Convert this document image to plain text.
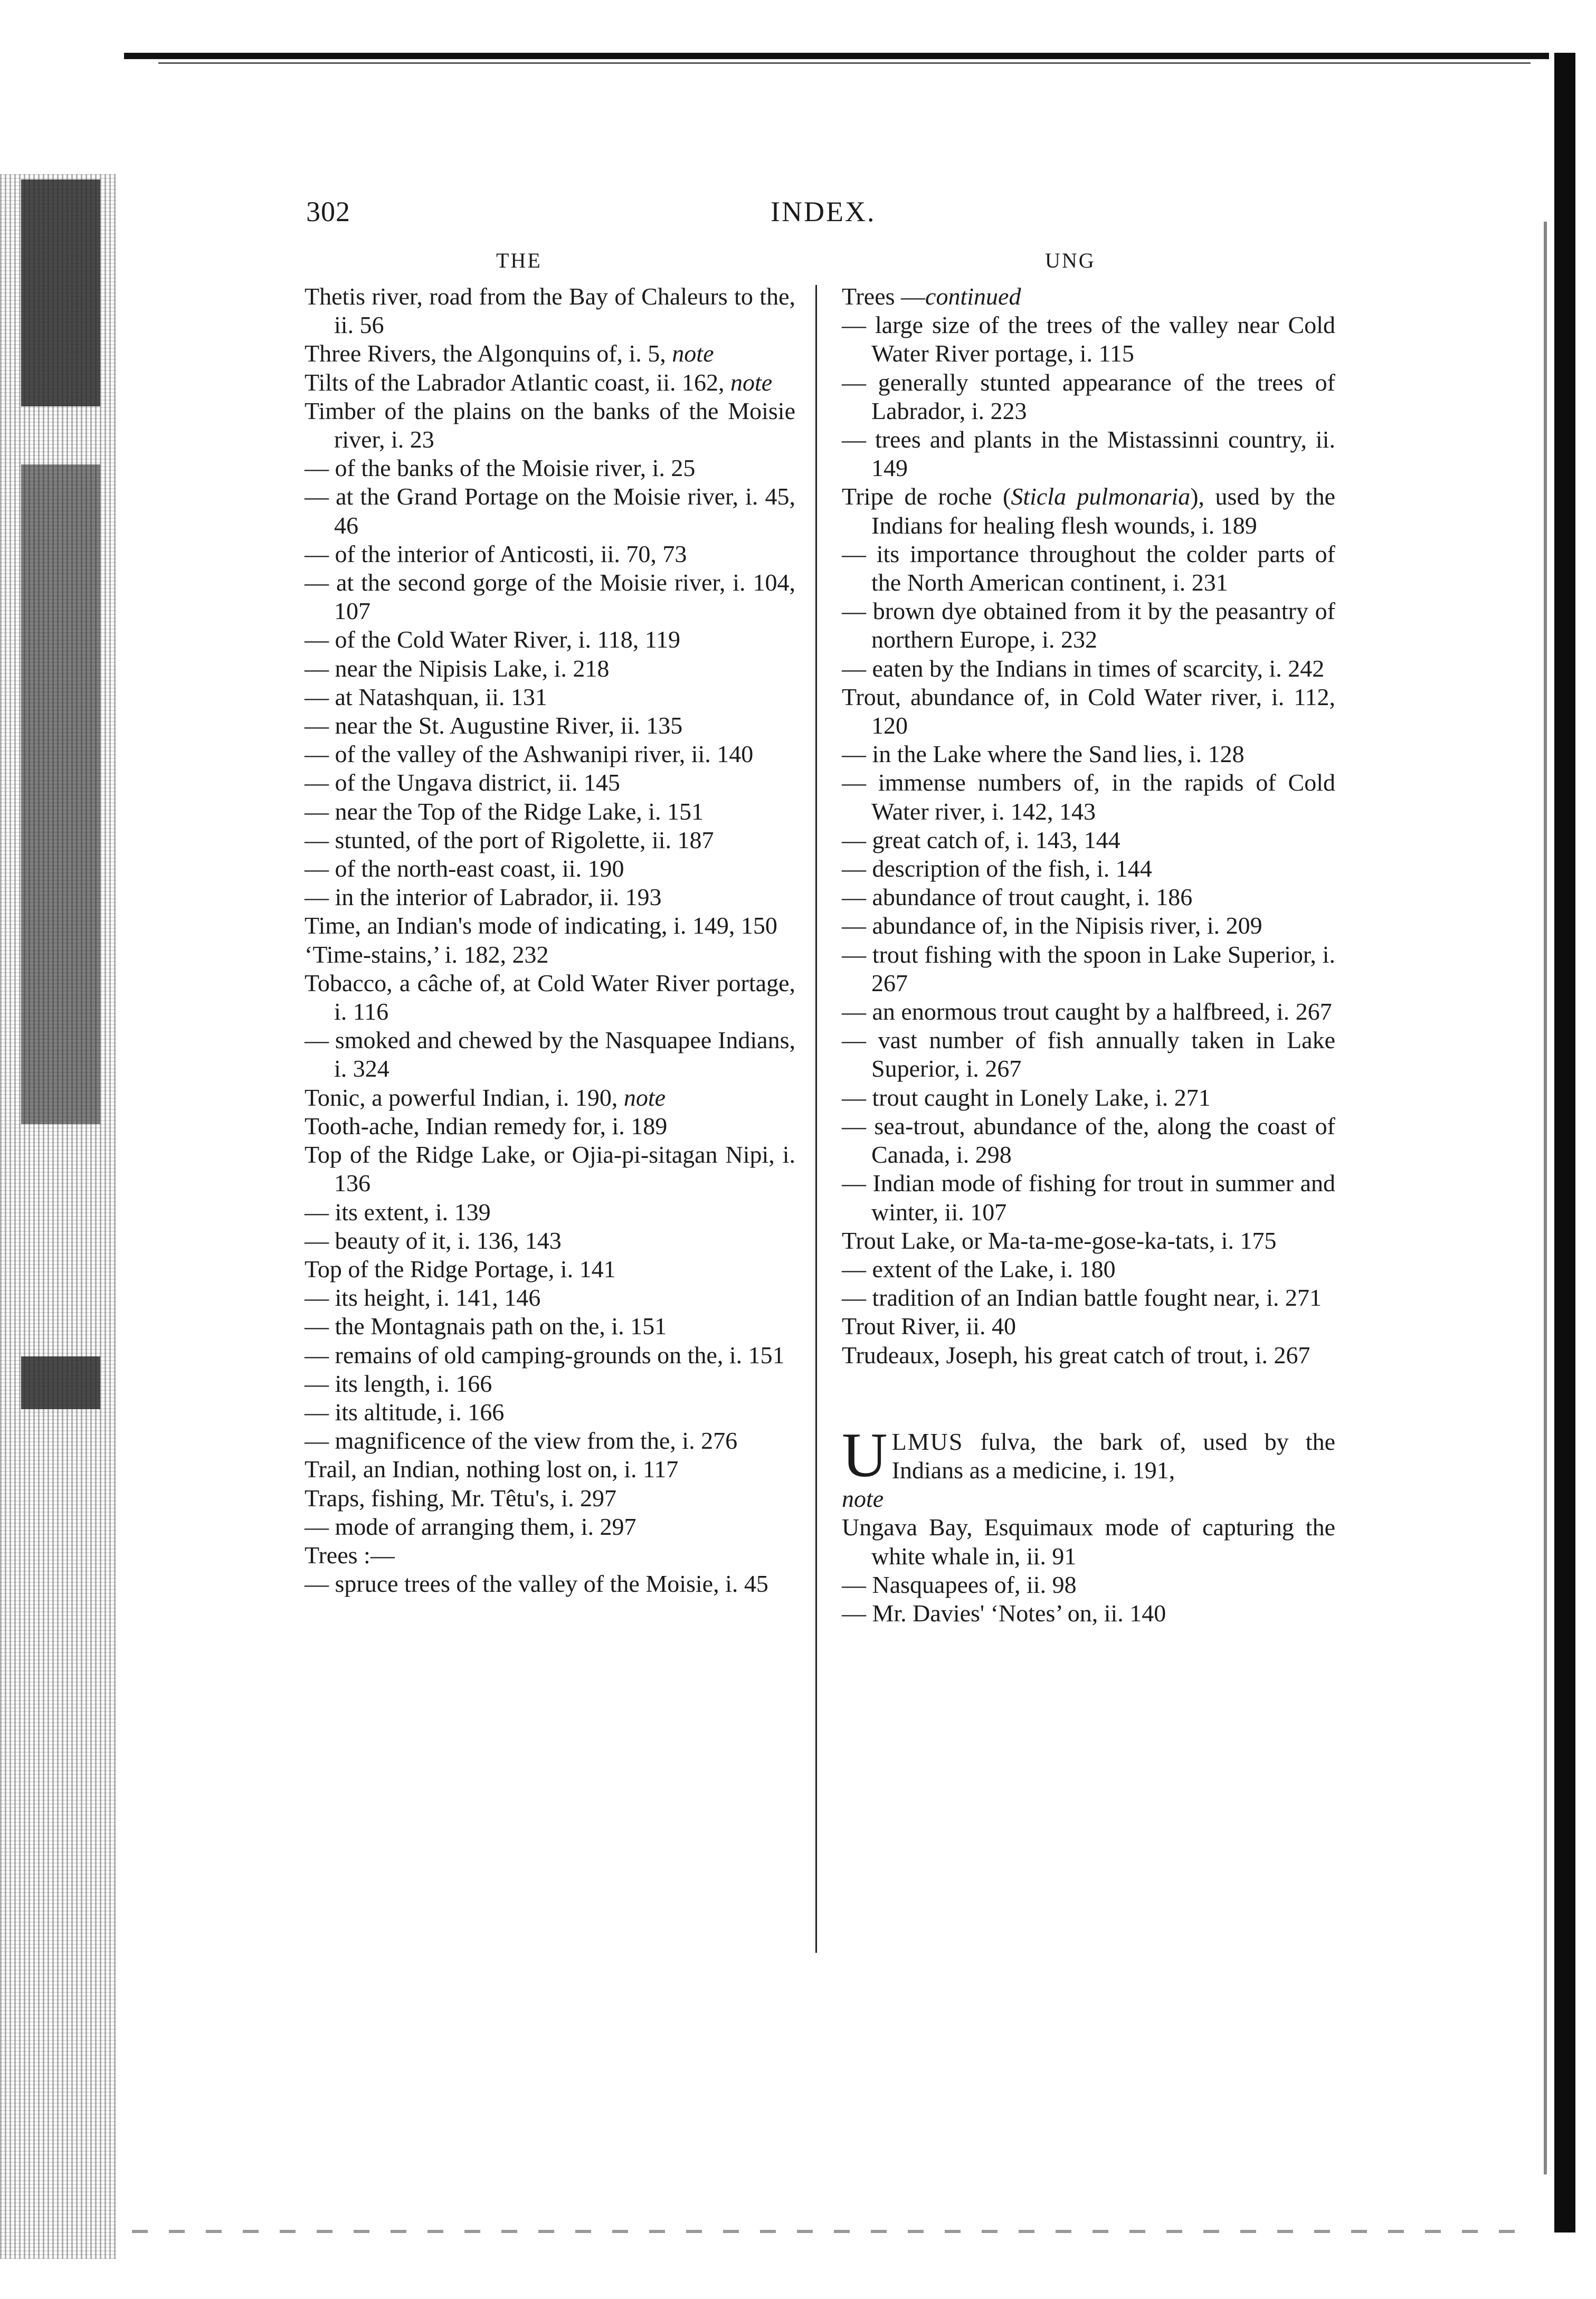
302	INDEX.
THE	UNG

Thetis river, road from the Bay of Chaleurs to the, ii. 56

Three Rivers, the Algonquins of, i. 5, note

Tilts of the Labrador Atlantic coast, ii. 162, note

Timber of the plains on the banks of the Moisie river, i. 23

— of the banks of the Moisie river, i. 25

— at the Grand Portage on the Moisie river, i. 45, 46

— of the interior of Anticosti, ii. 70, 73

— at the second gorge of the Moisie river, i. 104, 107

— of the Cold Water River, i. 118, 119

— near the Nipisis Lake, i. 218

— at Natashquan, ii. 131

— near the St. Augustine River, ii. 135

— of the valley of the Ashwanipi river, ii. 140

— of the Ungava district, ii. 145

— near the Top of the Ridge Lake, i. 151

— stunted, of the port of Rigolette, ii. 187

— of the north-east coast, ii. 190

— in the interior of Labrador, ii. 193

Time, an Indian's mode of indicating, i. 149, 150

‘Time-stains,’ i. 182, 232

Tobacco, a câche of, at Cold Water River portage, i. 116

— smoked and chewed by the Nasquapee Indians, i. 324

Tonic, a powerful Indian, i. 190, note

Tooth-ache, Indian remedy for, i. 189

Top of the Ridge Lake, or Ojia-pi-sitagan Nipi, i. 136

— its extent, i. 139

— beauty of it, i. 136, 143

Top of the Ridge Portage, i. 141

— its height, i. 141, 146

— the Montagnais path on the, i. 151

— remains of old camping-grounds on the, i. 151

— its length, i. 166

— its altitude, i. 166

— magnificence of the view from the, i. 276

Trail, an Indian, nothing lost on, i. 117

Traps, fishing, Mr. Têtu's, i. 297

— mode of arranging them, i. 297

Trees :—

— spruce trees of the valley of the Moisie, i. 45

Trees —continued

— large size of the trees of the valley near Cold Water River portage, i. 115

— generally stunted appearance of the trees of Labrador, i. 223

— trees and plants in the Mistassinni country, ii. 149

Tripe de roche (Sticla pulmonaria), used by the Indians for healing flesh wounds, i. 189

— its importance throughout the colder parts of the North American continent, i. 231

— brown dye obtained from it by the peasantry of northern Europe, i. 232

— eaten by the Indians in times of scarcity, i. 242

Trout, abundance of, in Cold Water river, i. 112, 120

— in the Lake where the Sand lies, i. 128

— immense numbers of, in the rapids of Cold Water river, i. 142, 143

— great catch of, i. 143, 144

— description of the fish, i. 144

— abundance of trout caught, i. 186

— abundance of, in the Nipisis river, i. 209

— trout fishing with the spoon in Lake Superior, i. 267

— an enormous trout caught by a halfbreed, i. 267

— vast number of fish annually taken in Lake Superior, i. 267

— trout caught in Lonely Lake, i. 271

— sea-trout, abundance of the, along the coast of Canada, i. 298

— Indian mode of fishing for trout in summer and winter, ii. 107

Trout Lake, or Ma-ta-me-gose-ka-tats, i. 175

— extent of the Lake, i. 180

— tradition of an Indian battle fought near, i. 271

Trout River, ii. 40

Trudeaux, Joseph, his great catch of trout, i. 267

ULMUS fulva, the bark of, used by the Indians as a medicine, i. 191,
note

Ungava Bay, Esquimaux mode of capturing the white whale in, ii. 91

— Nasquapees of, ii. 98

— Mr. Davies' ‘Notes’ on, ii. 140
